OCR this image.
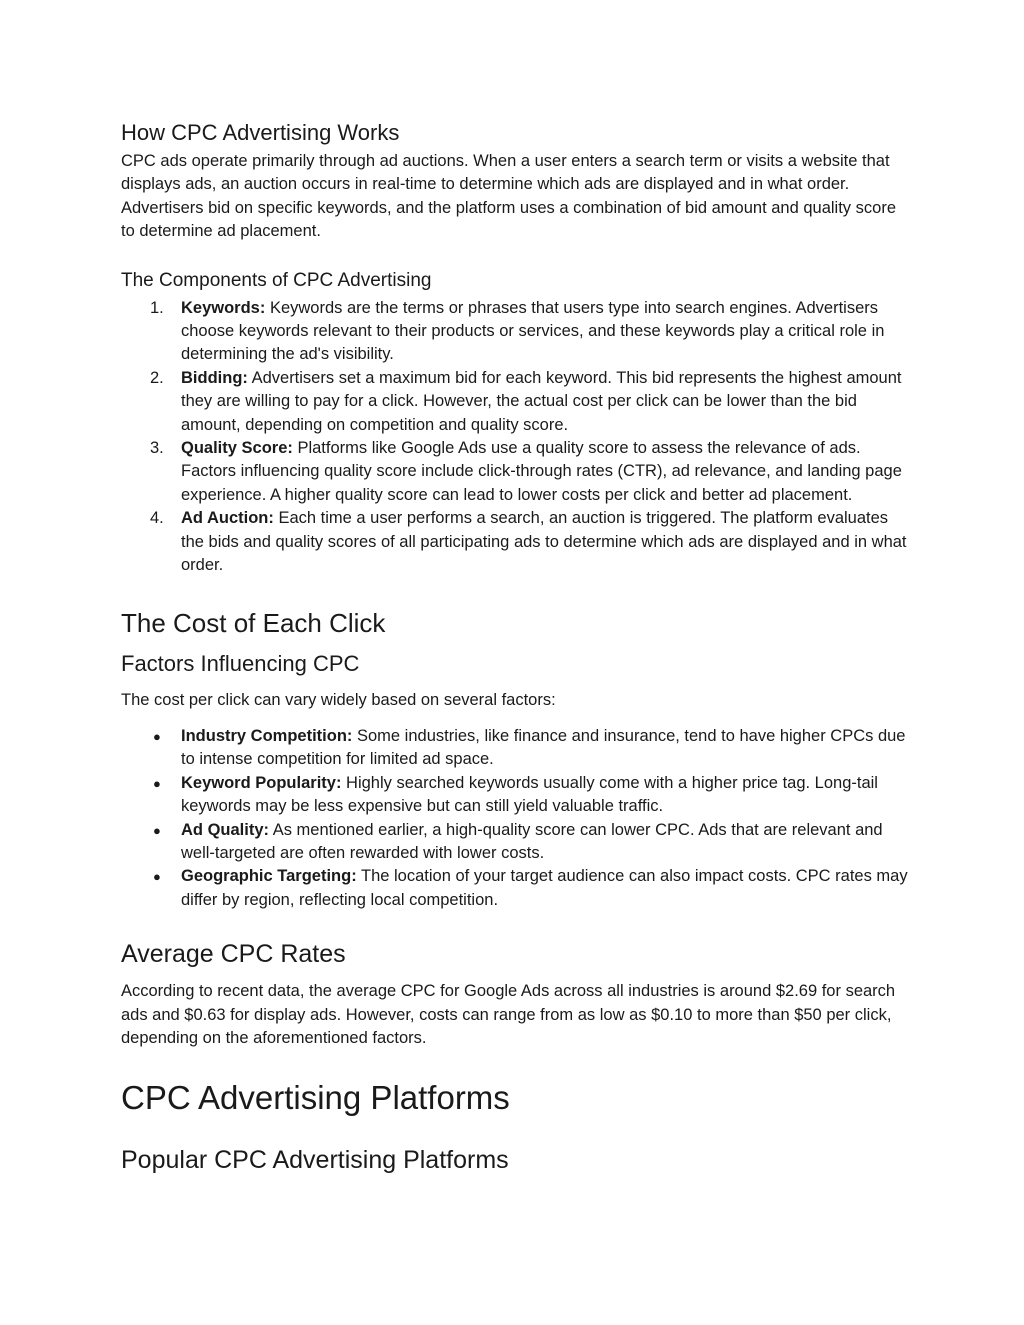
How CPC Advertising Works

CPC ads operate primarily through ad auctions. When a user enters a search term or visits a website that displays ads, an auction occurs in real-time to determine which ads are displayed and in what order. Advertisers bid on specific keywords, and the platform uses a combination of bid amount and quality score to determine ad placement.

The Components of CPC Advertising
1. Keywords: Keywords are the terms or phrases that users type into search engines. Advertisers choose keywords relevant to their products or services, and these keywords play a critical role in determining the ad's visibility.
2. Bidding: Advertisers set a maximum bid for each keyword. This bid represents the highest amount they are willing to pay for a click. However, the actual cost per click can be lower than the bid amount, depending on competition and quality score.
3. Quality Score: Platforms like Google Ads use a quality score to assess the relevance of ads. Factors influencing quality score include click-through rates (CTR), ad relevance, and landing page experience. A higher quality score can lead to lower costs per click and better ad placement.
4. Ad Auction: Each time a user performs a search, an auction is triggered. The platform evaluates the bids and quality scores of all participating ads to determine which ads are displayed and in what order.
The Cost of Each Click
Factors Influencing CPC

The cost per click can vary widely based on several factors:

● Industry Competition: Some industries, like finance and insurance, tend to have higher CPCs due to intense competition for limited ad space.
● Keyword Popularity: Highly searched keywords usually come with a higher price tag. Long-tail keywords may be less expensive but can still yield valuable traffic.
● Ad Quality: As mentioned earlier, a high-quality score can lower CPC. Ads that are relevant and well-targeted are often rewarded with lower costs.
● Geographic Targeting: The location of your target audience can also impact costs. CPC rates may differ by region, reflecting local competition.
Average CPC Rates

According to recent data, the average CPC for Google Ads across all industries is around $2.69 for search ads and $0.63 for display ads. However, costs can range from as low as $0.10 to more than $50 per click, depending on the aforementioned factors.

CPC Advertising Platforms
Popular CPC Advertising Platforms
